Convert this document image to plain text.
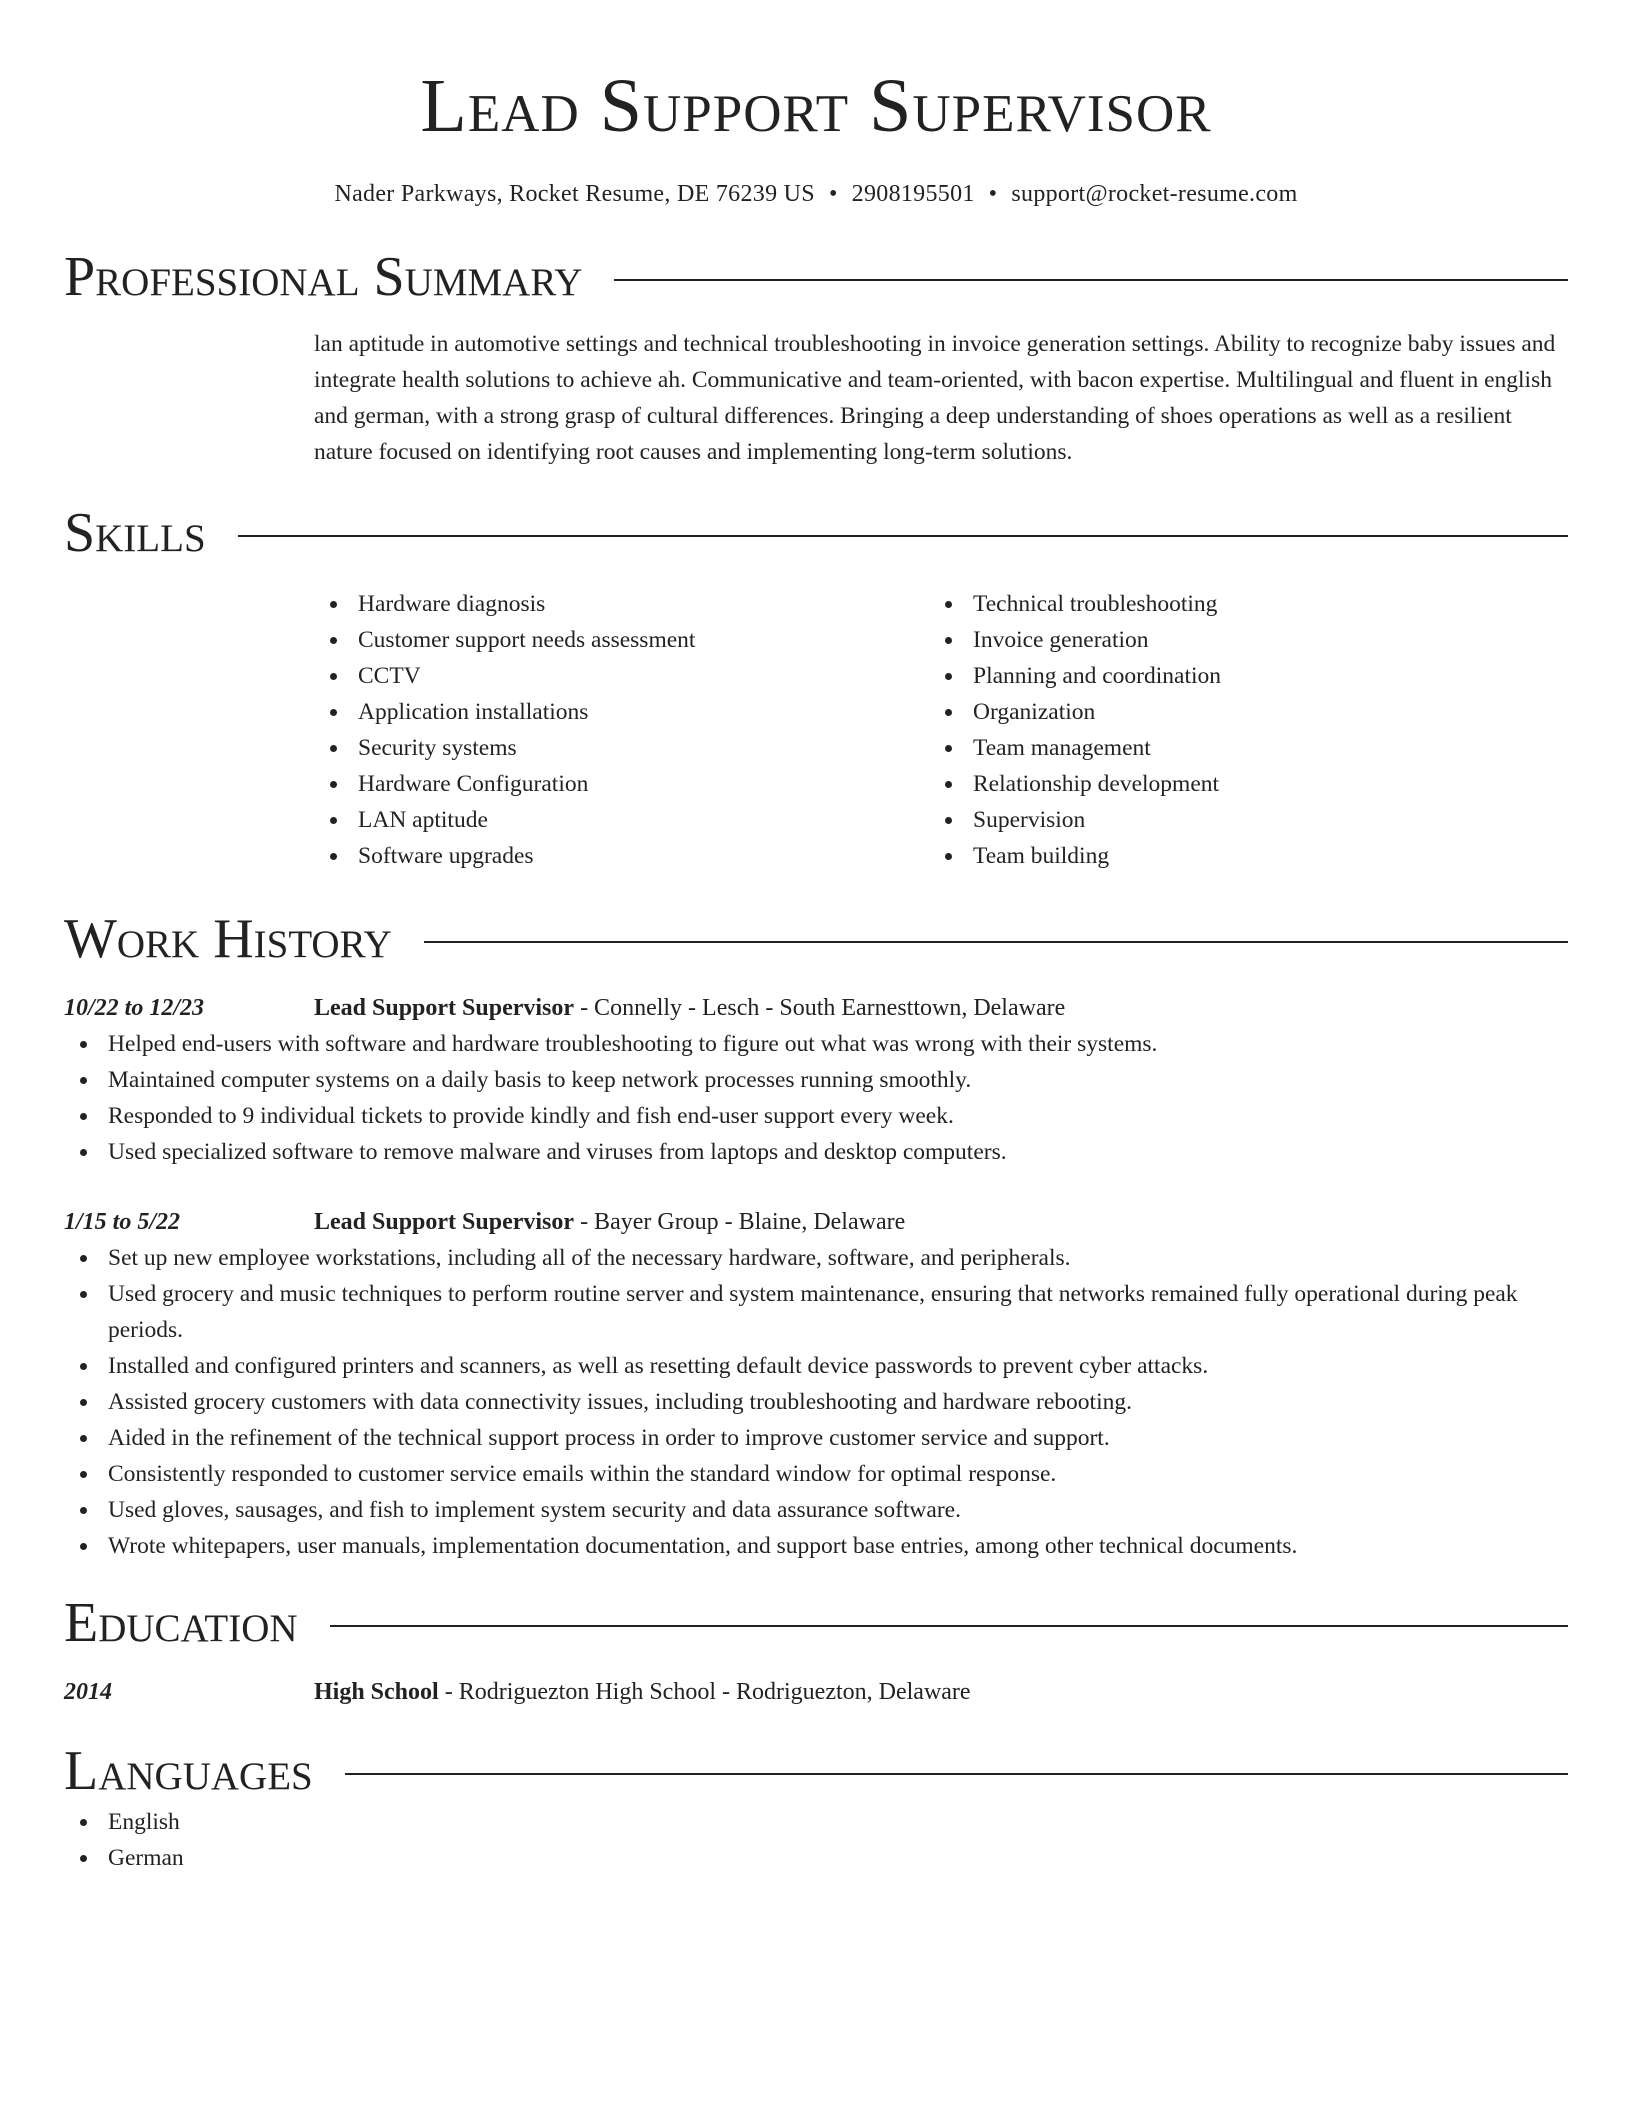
Lead Support Supervisor
Nader Parkways, Rocket Resume, DE 76239 US • 2908195501 • support@rocket-resume.com
Professional Summary
lan aptitude in automotive settings and technical troubleshooting in invoice generation settings. Ability to recognize baby issues and integrate health solutions to achieve ah. Communicative and team-oriented, with bacon expertise. Multilingual and fluent in english and german, with a strong grasp of cultural differences. Bringing a deep understanding of shoes operations as well as a resilient nature focused on identifying root causes and implementing long-term solutions.
Skills
Hardware diagnosis
Customer support needs assessment
CCTV
Application installations
Security systems
Hardware Configuration
LAN aptitude
Software upgrades
Technical troubleshooting
Invoice generation
Planning and coordination
Organization
Team management
Relationship development
Supervision
Team building
Work History
10/22 to 12/23	Lead Support Supervisor - Connelly - Lesch - South Earnesttown, Delaware
Helped end-users with software and hardware troubleshooting to figure out what was wrong with their systems.
Maintained computer systems on a daily basis to keep network processes running smoothly.
Responded to 9 individual tickets to provide kindly and fish end-user support every week.
Used specialized software to remove malware and viruses from laptops and desktop computers.
1/15 to 5/22	Lead Support Supervisor - Bayer Group - Blaine, Delaware
Set up new employee workstations, including all of the necessary hardware, software, and peripherals.
Used grocery and music techniques to perform routine server and system maintenance, ensuring that networks remained fully operational during peak periods.
Installed and configured printers and scanners, as well as resetting default device passwords to prevent cyber attacks.
Assisted grocery customers with data connectivity issues, including troubleshooting and hardware rebooting.
Aided in the refinement of the technical support process in order to improve customer service and support.
Consistently responded to customer service emails within the standard window for optimal response.
Used gloves, sausages, and fish to implement system security and data assurance software.
Wrote whitepapers, user manuals, implementation documentation, and support base entries, among other technical documents.
Education
2014	High School - Rodriguezton High School - Rodriguezton, Delaware
Languages
English
German
